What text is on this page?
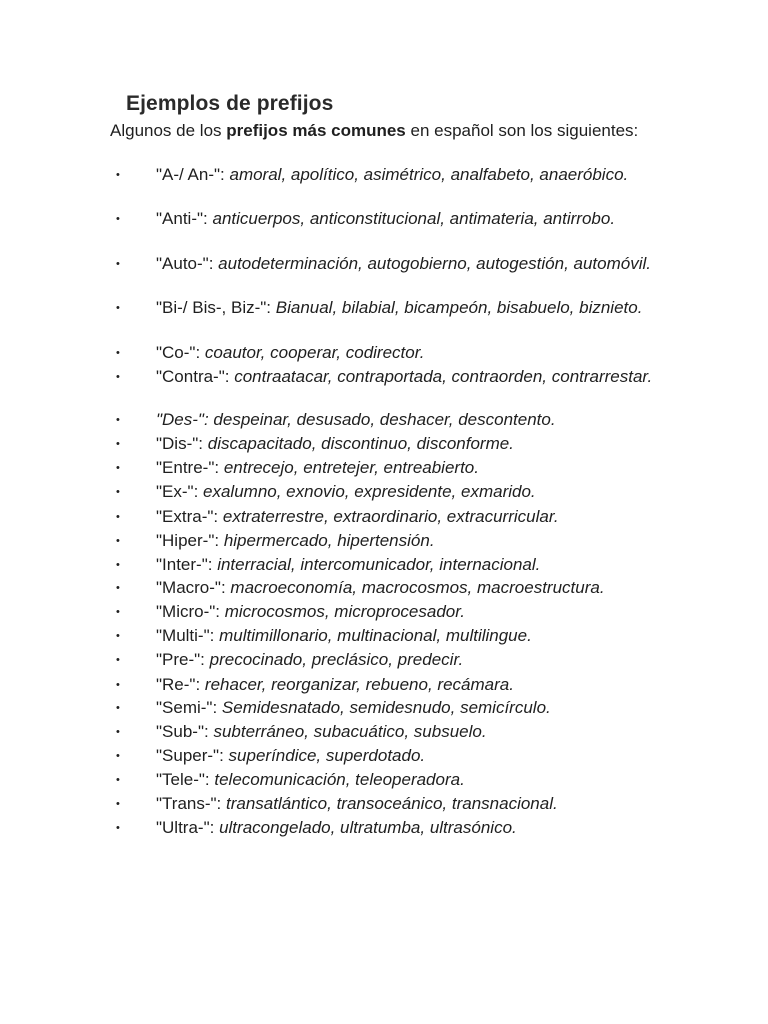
Ejemplos de prefijos

Algunos de los prefijos más comunes en español son los siguientes:

•	"A-/ An-": amoral, apolítico, asimétrico, analfabeto, anaeróbico.
•	"Anti-": anticuerpos, anticonstitucional, antimateria, antirrobo.
•	"Auto-": autodeterminación, autogobierno, autogestión, automóvil.
•	"Bi-/ Bis-, Biz-": Bianual, bilabial, bicampeón, bisabuelo, biznieto.
•	"Co-": coautor, cooperar, codirector.
•	"Contra-": contraatacar, contraportada, contraorden, contrarrestar.
•	"Des-": despeinar, desusado, deshacer, descontento.
•	"Dis-": discapacitado, discontinuo, disconforme.
•	"Entre-": entrecejo, entretejer, entreabierto.
•	"Ex-": exalumno, exnovio, expresidente, exmarido.
•	"Extra-": extraterrestre, extraordinario, extracurricular.
•	"Hiper-": hipermercado, hipertensión.
•	"Inter-": interracial, intercomunicador, internacional.
•	"Macro-": macroeconomía, macrocosmos, macroestructura.
•	"Micro-": microcosmos, microprocesador.
•	"Multi-": multimillonario, multinacional, multilingue.
•	"Pre-": precocinado, preclásico, predecir.
•	"Re-": rehacer, reorganizar, rebueno, recámara.
•	"Semi-": Semidesnatado, semidesnudo, semicírculo.
•	"Sub-": subterráneo, subacuático, subsuelo.
•	"Super-": superíndice, superdotado.
•	"Tele-": telecomunicación, teleoperadora.
•	"Trans-": transatlántico, transoceánico, transnacional.
•	"Ultra-": ultracongelado, ultratumba, ultrasónico.
